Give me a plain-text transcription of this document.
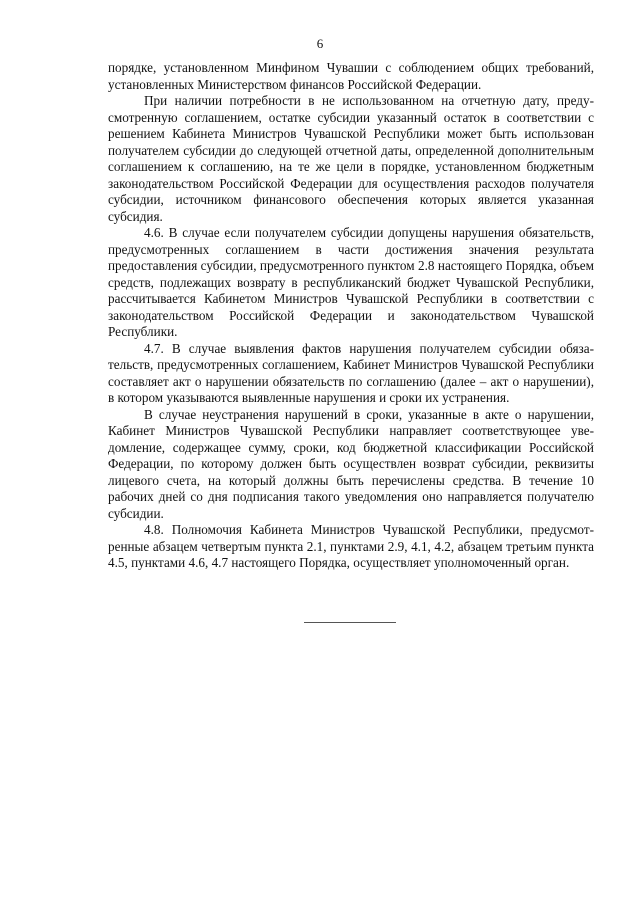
6

порядке, установленном Минфином Чувашии с соблюдением общих требований, установленных Министерством финансов Российской Федерации.

При наличии потребности в не использованном на отчетную дату, предусмотренную соглашением, остатке субсидии указанный остаток в соответствии с решением Кабинета Министров Чувашской Республики может быть использован получателем субсидии до следующей отчетной даты, определенной дополнительным соглашением к соглашению, на те же цели в порядке, установленном бюджетным законодательством Российской Федерации для осуществления расходов получателя субсидии, источником финансового обеспечения которых является указанная субсидия.

4.6. В случае если получателем субсидии допущены нарушения обязательств, предусмотренных соглашением в части достижения значения результата предоставления субсидии, предусмотренного пунктом 2.8 настоящего Порядка, объем средств, подлежащих возврату в республиканский бюджет Чувашской Республики, рассчитывается Кабинетом Министров Чувашской Республики в соответствии с законодательством Российской Федерации и законодательством Чувашской Республики.

4.7. В случае выявления фактов нарушения получателем субсидии обязательств, предусмотренных соглашением, Кабинет Министров Чувашской Республики составляет акт о нарушении обязательств по соглашению (далее – акт о нарушении), в котором указываются выявленные нарушения и сроки их устранения.

В случае неустранения нарушений в сроки, указанные в акте о нарушении, Кабинет Министров Чувашской Республики направляет соответствующее уведомление, содержащее сумму, сроки, код бюджетной классификации Российской Федерации, по которому должен быть осуществлен возврат субсидии, реквизиты лицевого счета, на который должны быть перечислены средства. В течение 10 рабочих дней со дня подписания такого уведомления оно направляется получателю субсидии.

4.8. Полномочия Кабинета Министров Чувашской Республики, предусмотренные абзацем четвертым пункта 2.1, пунктами 2.9, 4.1, 4.2, абзацем третьим пункта 4.5, пунктами 4.6, 4.7 настоящего Порядка, осуществляет уполномоченный орган.
